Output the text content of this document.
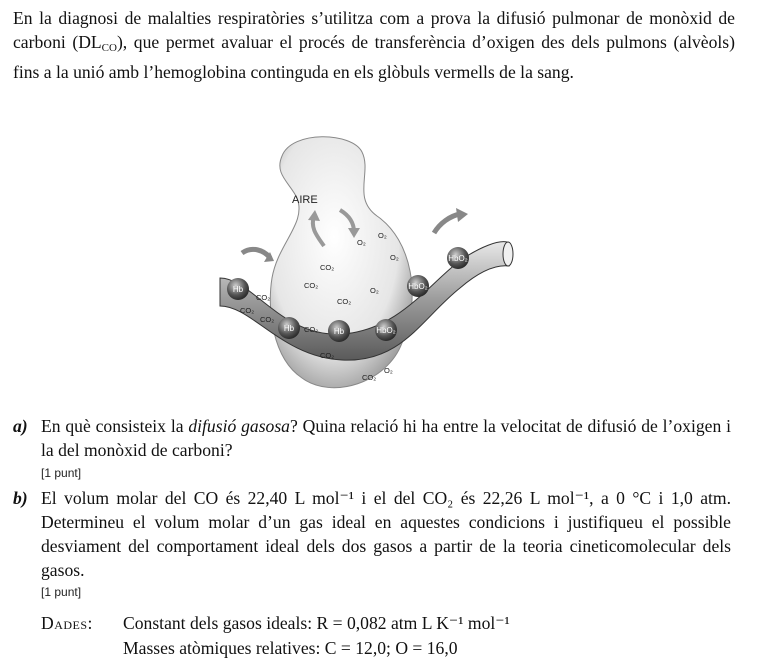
En la diagnosi de malalties respiratòries s’utilitza com a prova la difusió pulmonar de monòxid de carboni $(DL_{CO})$, que permet avaluar el procés de transferència d’oxigen des dels pulmons (alvèols) fins a la unió amb l’hemoglobina continguda en els glòbuls vermells de la sang.
AIRE
O₂
O₂
O₂
O₂
O₂
CO₂
CO₂
CO₂
CO₂
CO₂
CO₂
CO₂
CO₂
CO₂
Hb
Hb	Hb	HbO₂
HbO₂
HbO₂
a) En què consisteix la difusió gasosa? Quina relació hi ha entre la velocitat de difusió de l’oxigen i la del monòxid de carboni?
[1 punt]
b) El volum molar del CO és 22,40 L mol⁻¹ i el del CO₂ és 22,26 L mol⁻¹, a 0 °C i 1,0 atm. Determineu el volum molar d’un gas ideal en aquestes condicions i justifiqueu el possible desviament del comportament ideal dels dos gasos a partir de la teoria cineticomolecular dels gasos.
[1 punt]
Dades: Constant dels gasos ideals: R = 0,082 atm L K⁻¹ mol⁻¹
Masses atòmiques relatives: C = 12,0; O = 16,0
